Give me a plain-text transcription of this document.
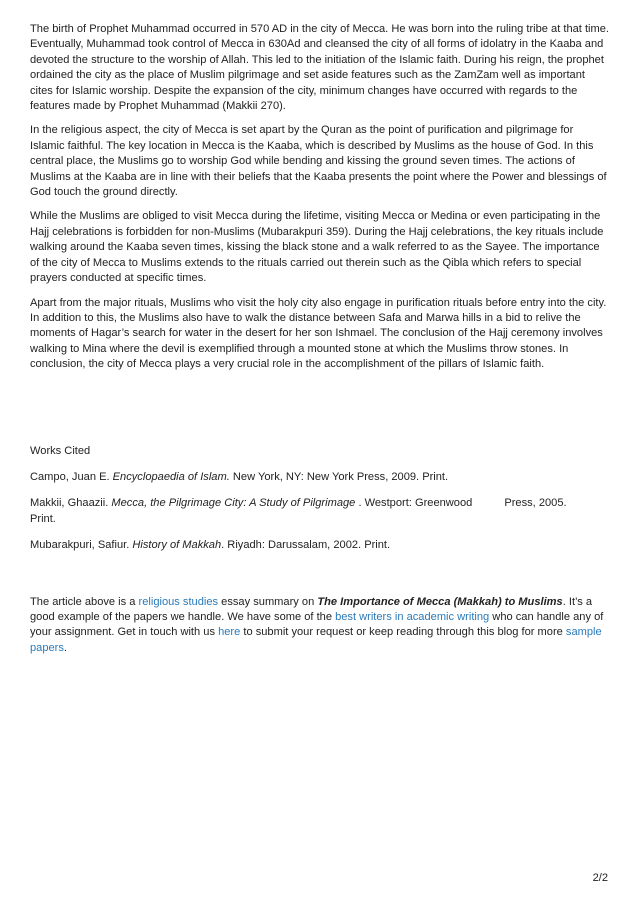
The birth of Prophet Muhammad occurred in 570 AD in the city of Mecca. He was born into the ruling tribe at that time. Eventually, Muhammad took control of Mecca in 630Ad and cleansed the city of all forms of idolatry in the Kaaba and devoted the structure to the worship of Allah. This led to the initiation of the Islamic faith. During his reign, the prophet ordained the city as the place of Muslim pilgrimage and set aside features such as the ZamZam well as important cites for Islamic worship. Despite the expansion of the city, minimum changes have occurred with regards to the features made by Prophet Muhammad (Makkii 270).

In the religious aspect, the city of Mecca is set apart by the Quran as the point of purification and pilgrimage for Islamic faithful. The key location in Mecca is the Kaaba, which is described by Muslims as the house of God. In this central place, the Muslims go to worship God while bending and kissing the ground seven times. The actions of Muslims at the Kaaba are in line with their beliefs that the Kaaba presents the point where the Power and blessings of God touch the ground directly.

While the Muslims are obliged to visit Mecca during the lifetime, visiting Mecca or Medina or even participating in the Hajj celebrations is forbidden for non-Muslims (Mubarakpuri 359). During the Hajj celebrations, the key rituals include walking around the Kaaba seven times, kissing the black stone and a walk referred to as the Sayee. The importance of the city of Mecca to Muslims extends to the rituals carried out therein such as the Qibla which refers to special prayers conducted at specific times.

Apart from the major rituals, Muslims who visit the holy city also engage in purification rituals before entry into the city. In addition to this, the Muslims also have to walk the distance between Safa and Marwa hills in a bid to relive the moments of Hagar’s search for water in the desert for her son Ishmael. The conclusion of the Hajj ceremony involves walking to Mina where the devil is exemplified through a mounted stone at which the Muslims throw stones. In conclusion, the city of Mecca plays a very crucial role in the accomplishment of the pillars of Islamic faith.

Works Cited

Campo, Juan E. Encyclopaedia of Islam. New York, NY: New York Press, 2009. Print.

Makkii, Ghaazii. Mecca, the Pilgrimage City: A Study of Pilgrimage . Westport: Greenwood	Press, 2005.
Print.

Mubarakpuri, Safiur. History of Makkah. Riyadh: Darussalam, 2002. Print.

The article above is a religious studies essay summary on The Importance of Mecca (Makkah) to Muslims. It’s a good example of the papers we handle. We have some of the best writers in academic writing who can handle any of your assignment. Get in touch with us here to submit your request or keep reading through this blog for more sample papers.

2/2
